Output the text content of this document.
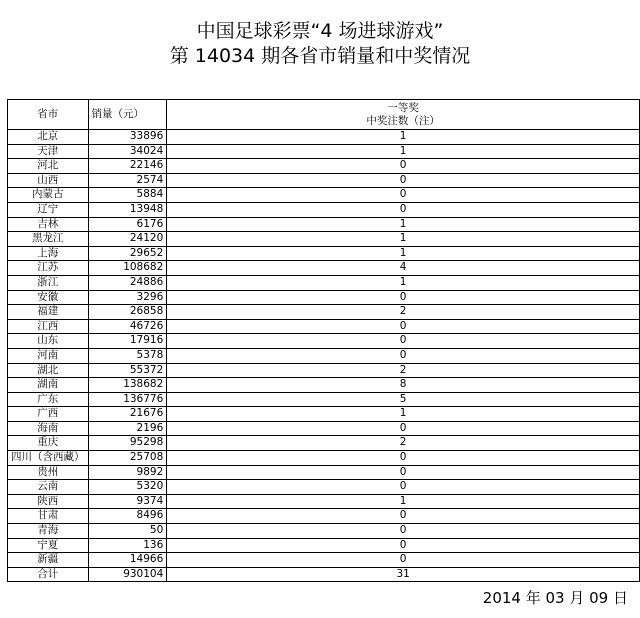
中国足球彩票“4 场进球游戏”
第 14034 期各省市销量和中奖情况
省市	销量（元）	一等奖
中奖注数（注）

北京	33896	1
天津	34024	1
河北	22146	0
山西	2574	0
内蒙古	5884	0
辽宁	13948	0
吉林	6176	1
黑龙江	24120	1
上海	29652	1
江苏	108682	4
浙江	24886	1
安徽	3296	0
福建	26858	2
江西	46726	0
山东	17916	0
河南	5378	0
湖北	55372	2
湖南	138682	8
广东	136776	5
广西	21676	1
海南	2196	0
重庆	95298	2
四川（含西藏）	25708	0
贵州	9892	0
云南	5320	0
陕西	9374	1
甘肃	8496	0
青海	50	0
宁夏	136	0
新疆	14966	0
合计	930104	31
2014 年 03 月 09 日
